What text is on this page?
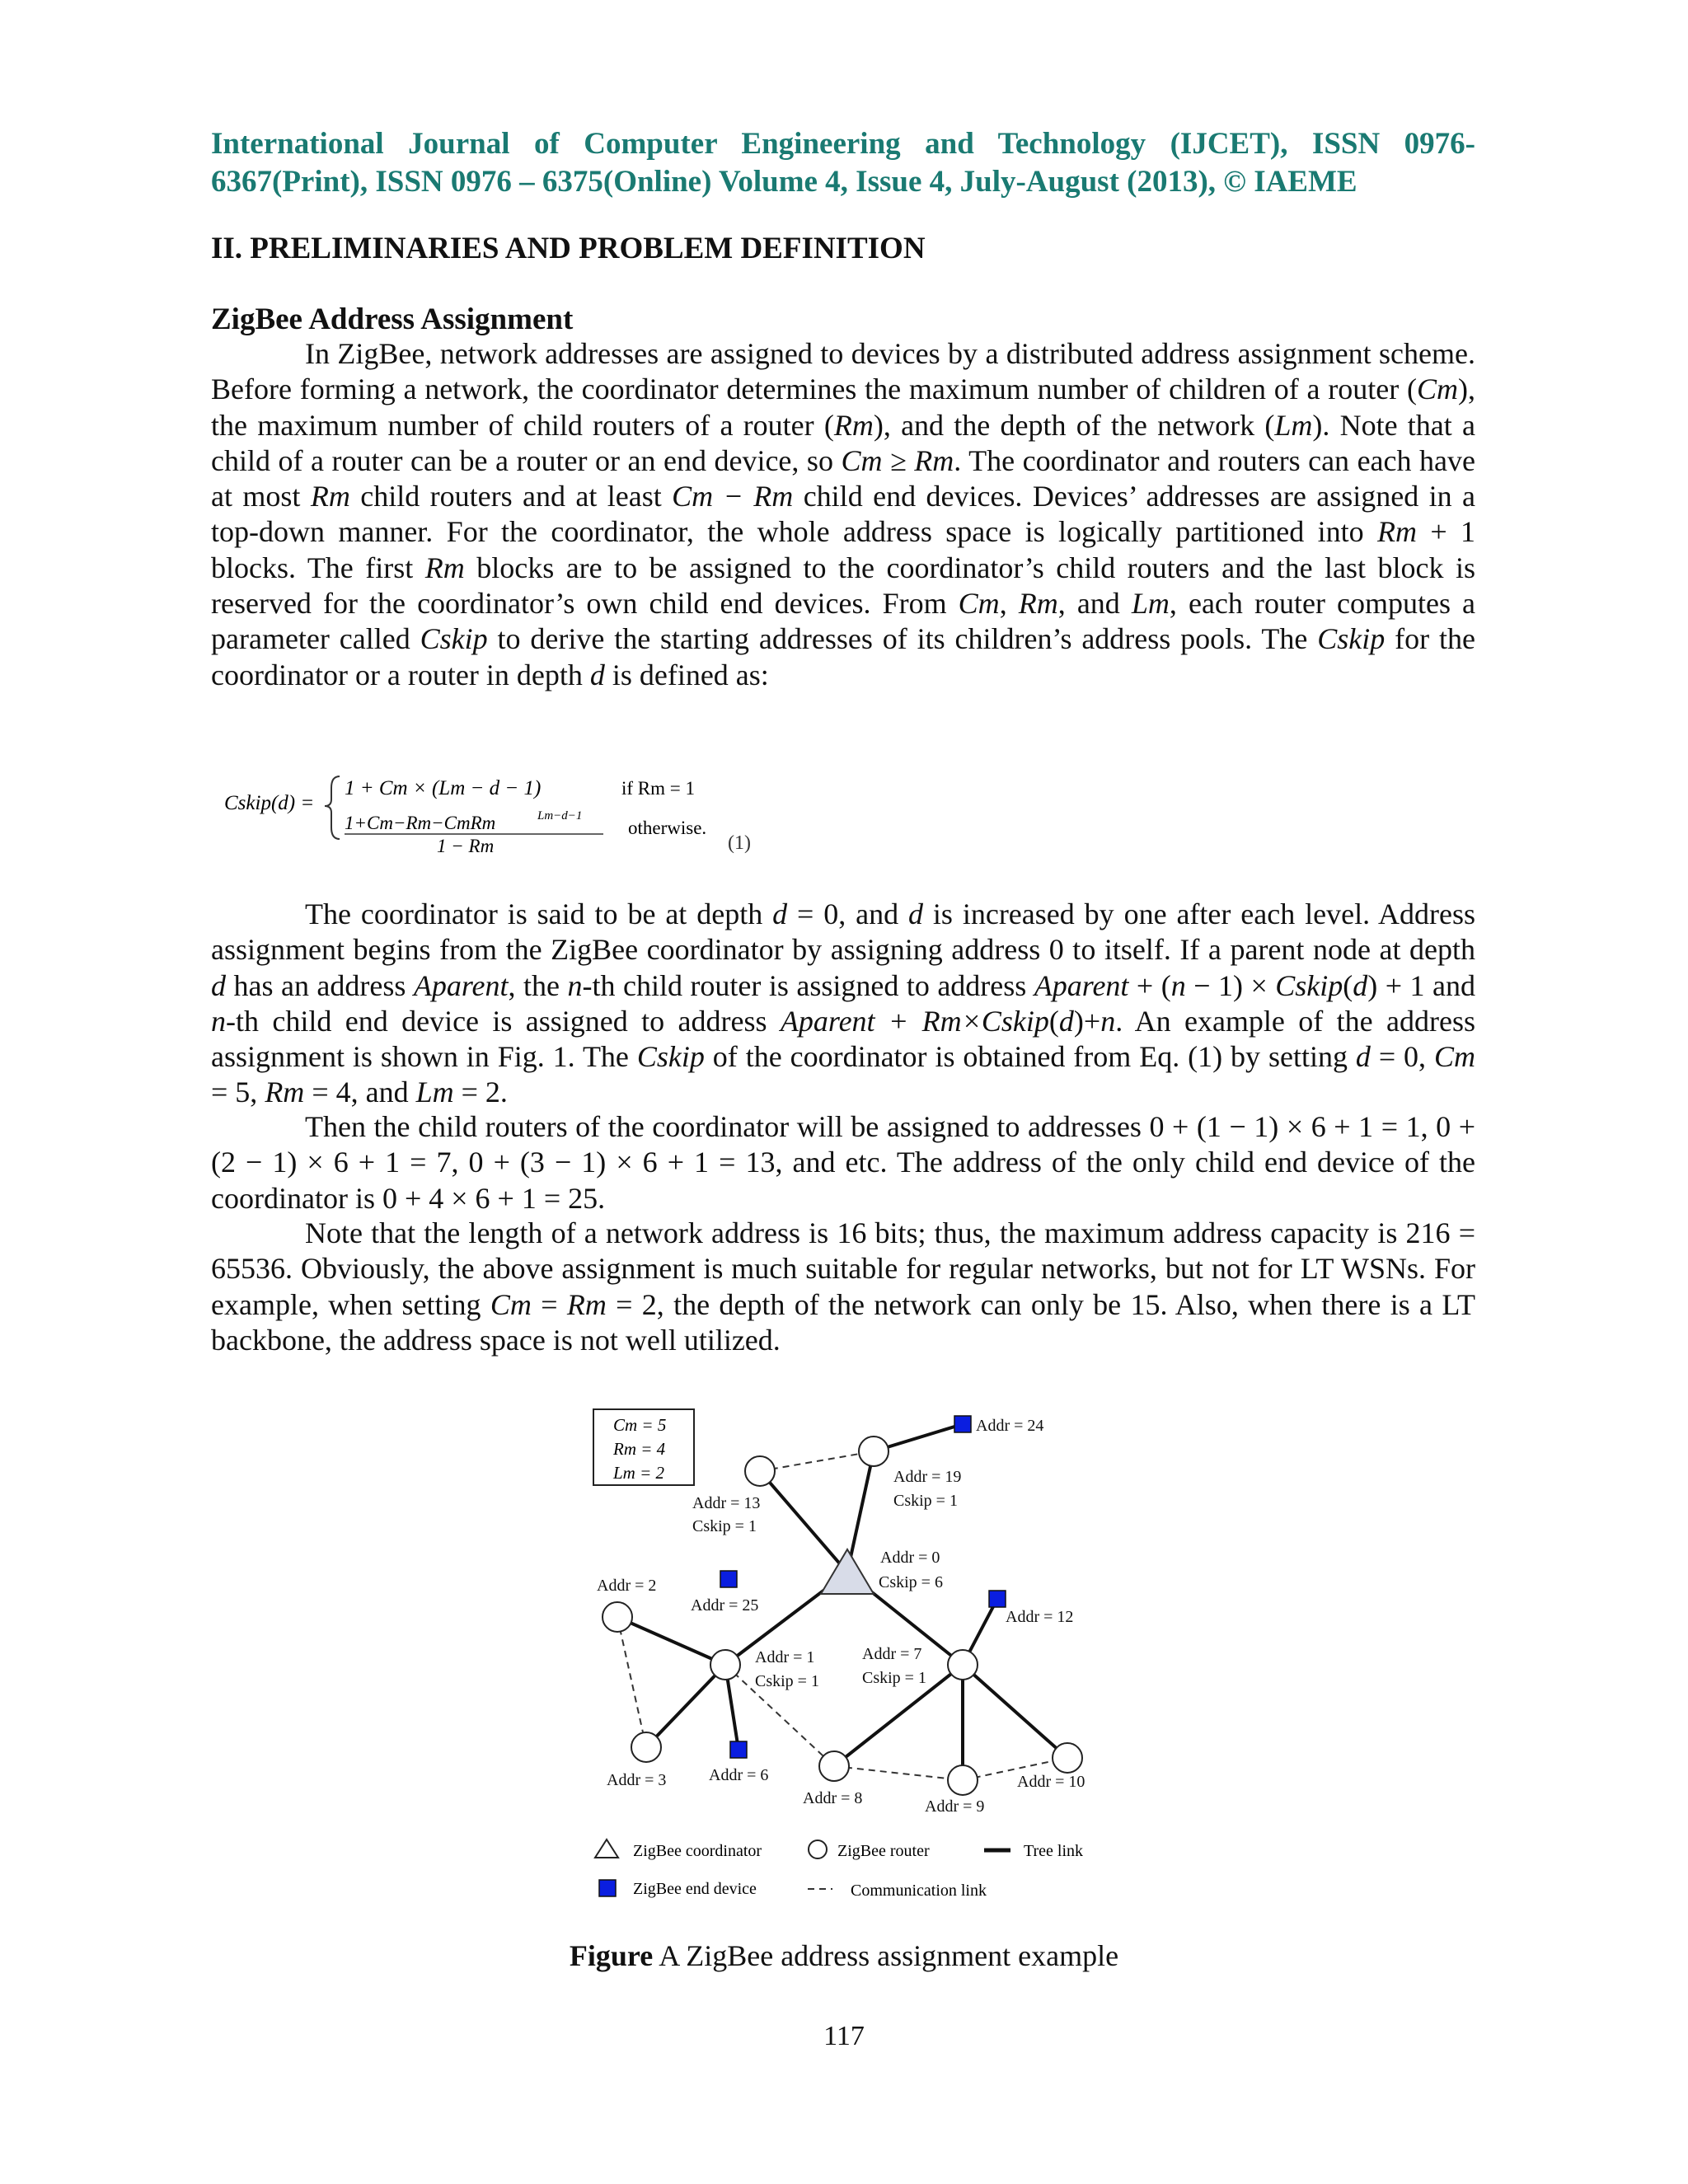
International Journal of Computer Engineering and Technology (IJCET), ISSN 0976-
6367(Print), ISSN 0976 – 6375(Online) Volume 4, Issue 4, July-August (2013), © IAEME
II. PRELIMINARIES AND PROBLEM DEFINITION
ZigBee Address Assignment

In ZigBee, network addresses are assigned to devices by a distributed address assignment scheme. Before forming a network, the coordinator determines the maximum number of children of a router (Cm), the maximum number of child routers of a router (Rm), and the depth of the network (Lm). Note that a child of a router can be a router or an end device, so Cm ≥ Rm. The coordinator and routers can each have at most Rm child routers and at least Cm − Rm child end devices. Devices’ addresses are assigned in a top-down manner. For the coordinator, the whole address space is logically partitioned into Rm + 1 blocks. The first Rm blocks are to be assigned to the coordinator’s child routers and the last block is reserved for the coordinator’s own child end devices. From Cm, Rm, and Lm, each router computes a parameter called Cskip to derive the starting addresses of its children’s address pools. The Cskip for the coordinator or a router in depth d is defined as:

Cskip(d) =
1 + Cm × (Lm − d − 1)	if Rm = 1
1+Cm−Rm−CmRm	Lm−d−1
1 − Rm
otherwise.
(1)

The coordinator is said to be at depth d = 0, and d is increased by one after each level. Address assignment begins from the ZigBee coordinator by assigning address 0 to itself. If a parent node at depth d has an address Aparent, the n-th child router is assigned to address Aparent + (n − 1) × Cskip(d) + 1 and n-th child end device is assigned to address Aparent + Rm×Cskip(d)+n. An example of the address assignment is shown in Fig. 1. The Cskip of the coordinator is obtained from Eq. (1) by setting d = 0, Cm = 5, Rm = 4, and Lm = 2.

Then the child routers of the coordinator will be assigned to addresses 0 + (1 − 1) × 6 + 1 = 1, 0 + (2 − 1) × 6 + 1 = 7, 0 + (3 − 1) × 6 + 1 = 13, and etc. The address of the only child end device of the coordinator is 0 + 4 × 6 + 1 = 25.

Note that the length of a network address is 16 bits; thus, the maximum address capacity is 216 = 65536. Obviously, the above assignment is much suitable for regular networks, but not for LT WSNs. For example, when setting Cm = Rm = 2, the depth of the network can only be 15. Also, when there is a LT backbone, the address space is not well utilized.

Cm = 5
Rm = 4
Lm = 2
Addr = 24
Addr = 19
Cskip = 1
Addr = 13
Cskip = 1
Addr = 0
Cskip = 6
Addr = 2
Addr = 25
Addr = 12
Addr = 1
Cskip = 1
Addr = 7
Cskip = 1
Addr = 3	Addr = 6
Addr = 8	Addr = 9
Addr = 10
ZigBee coordinator	ZigBee router	Tree link
ZigBee end device	Communication link
Figure A ZigBee address assignment example
117
